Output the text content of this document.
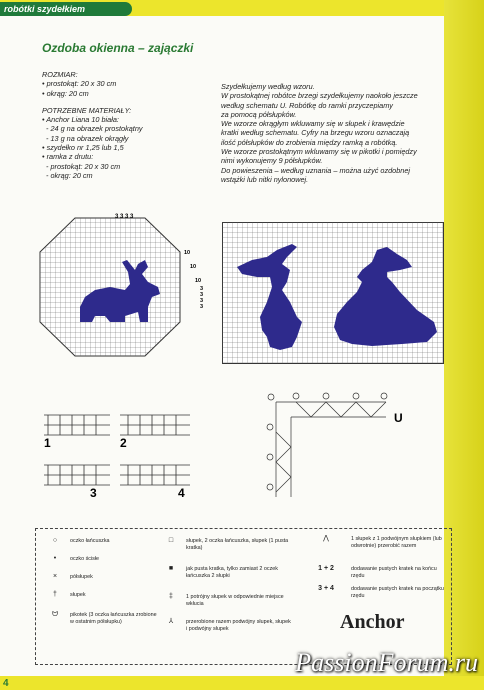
robótki szydełkiem
4
Ozdoba okienna – zajączki

ROZMIAR:

• prostokąt: 20 x 30 cm

• okrąg: 20 cm

POTRZEBNE MATERIAŁY:

• Anchor Liana 10 biała:

- 24 g na obrazek prostokątny

- 13 g na obrazek okrągły

• szydełko nr 1,25 lub 1,5

• ramka z drutu:

- prostokąt: 20 x 30 cm

- okrąg: 20 cm

Szydełkujemy według wzoru.

W prostokątnej robótce brzegi szydełkujemy naokoło jeszcze

według schematu U. Robótkę do ramki przyczepiamy

za pomocą półsłupków.

We wzorze okrągłym wkluwamy się w słupek i krawędzie

kratki według schematu. Cyfry na brzegu wzoru oznaczają

ilość półsłupków do zrobienia między ramką a robótką.

We wzorze prostokątnym wkluwamy się w pikotki i pomiędzy

nimi wykonujemy 9 półsłupków.

Do powieszenia – według uznania – można użyć ozdobnej

wstążki lub nitki nylonowej.

3 3 3 3
10
10
10
3
3
3
3
1	2
3	4
U
○	oczko łańcuszka
•	oczko ścisłe
×	półsłupek
†	słupek
ᗢ	pikotek (3 oczka łańcuszka zrobione w ostatnim półsłupku)
□	słupek, 2 oczka łańcuszka, słupek (1 pusta kratka)
■	jak pusta kratka, tylko zamiast 2 oczek łańcuszka 2 słupki
‡	1 potrójny słupek w odpowiednie miejsce wkłucia
⅄	przerobione razem podwójny słupek, słupek i podwójny słupek
⋀	1 słupek z 1 podwójnym słupkiem (lub odwrotnie) przerobić razem
1 + 2	dodawanie pustych kratek na końcu rzędu
3 + 4	dodawanie pustych kratek na początku rzędu
Anchor
PassionForum.ru
